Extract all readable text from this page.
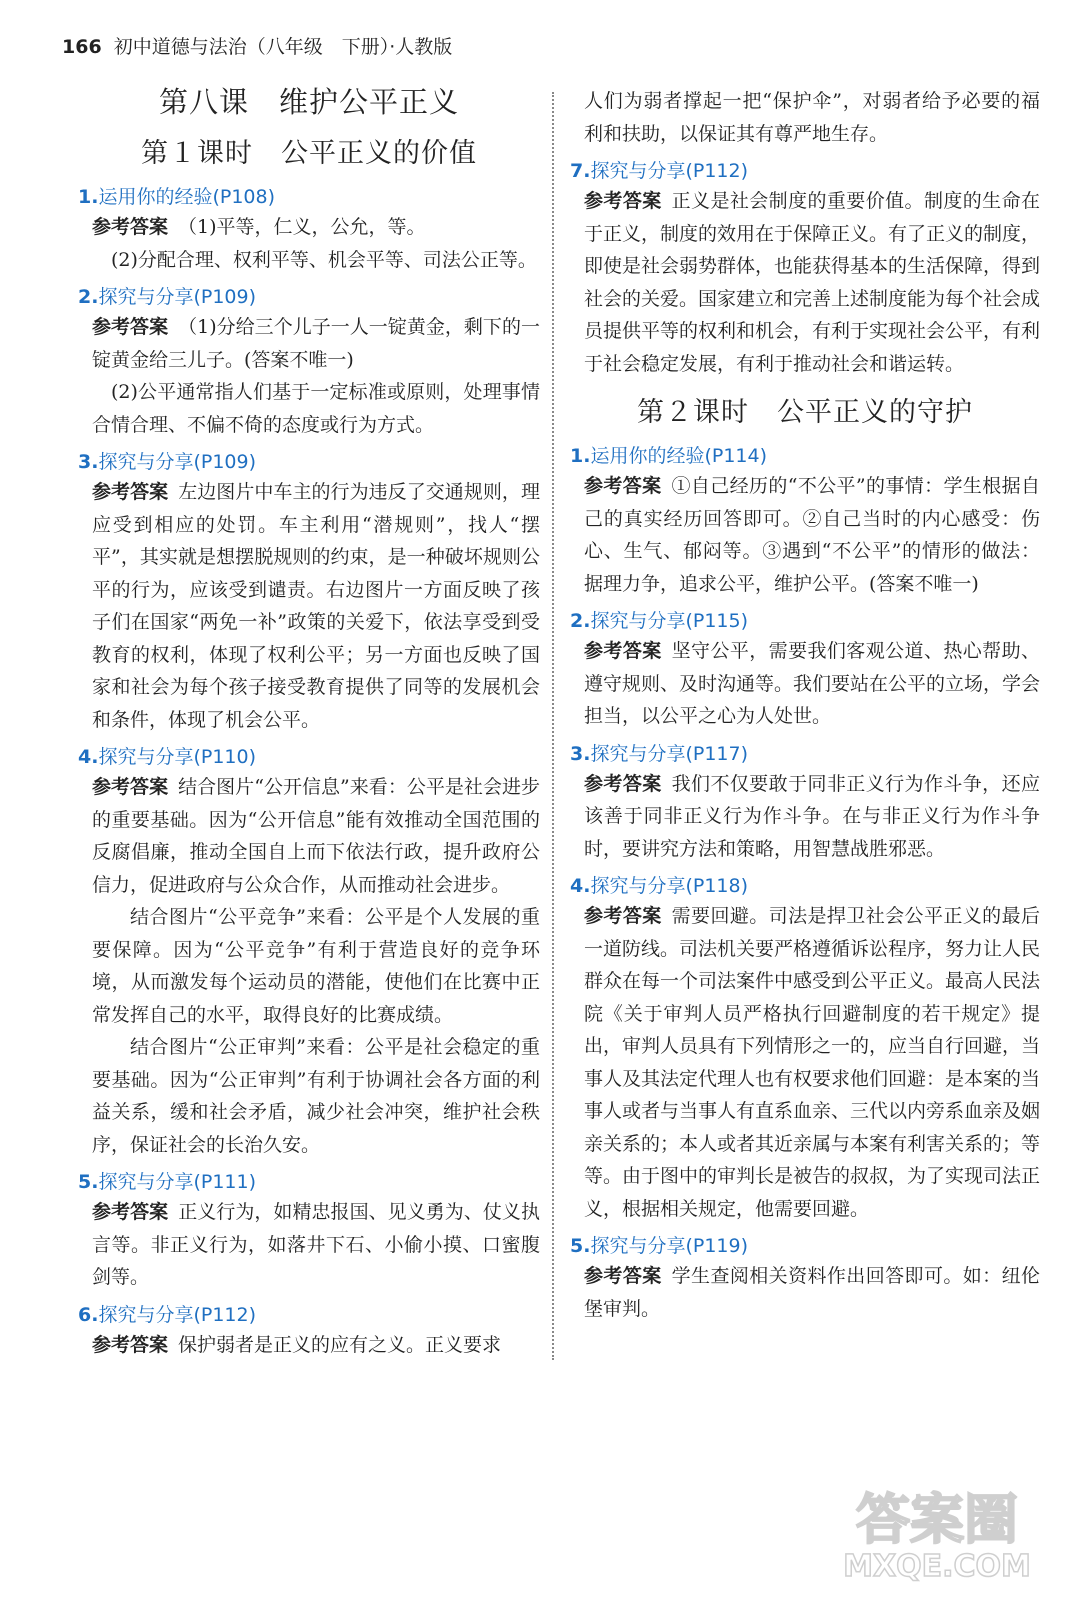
166 初中道德与法治（八年级　下册）·人教版
第八课　维护公平正义
第１课时　公平正义的价值
1.运用你的经验(P108)

参考答案 （1)平等，仁义，公允，等。

(2)分配合理、权利平等、机会平等、司法公正等。

2.探究与分享(P109)

参考答案 （1)分给三个儿子一人一锭黄金，剩下的一锭黄金给三儿子。(答案不唯一)

(2)公平通常指人们基于一定标准或原则，处理事情合情合理、不偏不倚的态度或行为方式。

3.探究与分享(P109)

参考答案 左边图片中车主的行为违反了交通规则，理应受到相应的处罚。车主利用“潜规则”，找人“摆平”，其实就是想摆脱规则的约束，是一种破坏规则公平的行为，应该受到谴责。右边图片一方面反映了孩子们在国家“两免一补”政策的关爱下，依法享受到受教育的权利，体现了权利公平；另一方面也反映了国家和社会为每个孩子接受教育提供了同等的发展机会和条件，体现了机会公平。

4.探究与分享(P110)

参考答案 结合图片“公开信息”来看：公平是社会进步的重要基础。因为“公开信息”能有效推动全国范围的反腐倡廉，推动全国自上而下依法行政，提升政府公信力，促进政府与公众合作，从而推动社会进步。

结合图片“公平竞争”来看：公平是个人发展的重要保障。因为“公平竞争”有利于营造良好的竞争环境，从而激发每个运动员的潜能，使他们在比赛中正常发挥自己的水平，取得良好的比赛成绩。

结合图片“公正审判”来看：公平是社会稳定的重要基础。因为“公正审判”有利于协调社会各方面的利益关系，缓和社会矛盾，减少社会冲突，维护社会秩序，保证社会的长治久安。

5.探究与分享(P111)

参考答案 正义行为，如精忠报国、见义勇为、仗义执言等。非正义行为，如落井下石、小偷小摸、口蜜腹剑等。

6.探究与分享(P112)

参考答案 保护弱者是正义的应有之义。正义要求

人们为弱者撑起一把“保护伞”，对弱者给予必要的福利和扶助，以保证其有尊严地生存。

7.探究与分享(P112)

参考答案 正义是社会制度的重要价值。制度的生命在于正义，制度的效用在于保障正义。有了正义的制度，即使是社会弱势群体，也能获得基本的生活保障，得到社会的关爱。国家建立和完善上述制度能为每个社会成员提供平等的权利和机会，有利于实现社会公平，有利于社会稳定发展，有利于推动社会和谐运转。

第２课时　公平正义的守护
1.运用你的经验(P114)

参考答案 ①自己经历的“不公平”的事情：学生根据自己的真实经历回答即可。②自己当时的内心感受：伤心、生气、郁闷等。③遇到“不公平”的情形的做法：据理力争，追求公平，维护公平。(答案不唯一)

2.探究与分享(P115)

参考答案 坚守公平，需要我们客观公道、热心帮助、遵守规则、及时沟通等。我们要站在公平的立场，学会担当，以公平之心为人处世。

3.探究与分享(P117)

参考答案 我们不仅要敢于同非正义行为作斗争，还应该善于同非正义行为作斗争。在与非正义行为作斗争时，要讲究方法和策略，用智慧战胜邪恶。

4.探究与分享(P118)

参考答案 需要回避。司法是捍卫社会公平正义的最后一道防线。司法机关要严格遵循诉讼程序，努力让人民群众在每一个司法案件中感受到公平正义。最高人民法院《关于审判人员严格执行回避制度的若干规定》提出，审判人员具有下列情形之一的，应当自行回避，当事人及其法定代理人也有权要求他们回避：是本案的当事人或者与当事人有直系血亲、三代以内旁系血亲及姻亲关系的；本人或者其近亲属与本案有利害关系的；等等。由于图中的审判长是被告的叔叔，为了实现司法正义，根据相关规定，他需要回避。

5.探究与分享(P119)

参考答案 学生查阅相关资料作出回答即可。如：纽伦堡审判。

答案圈
MXQE.COM
